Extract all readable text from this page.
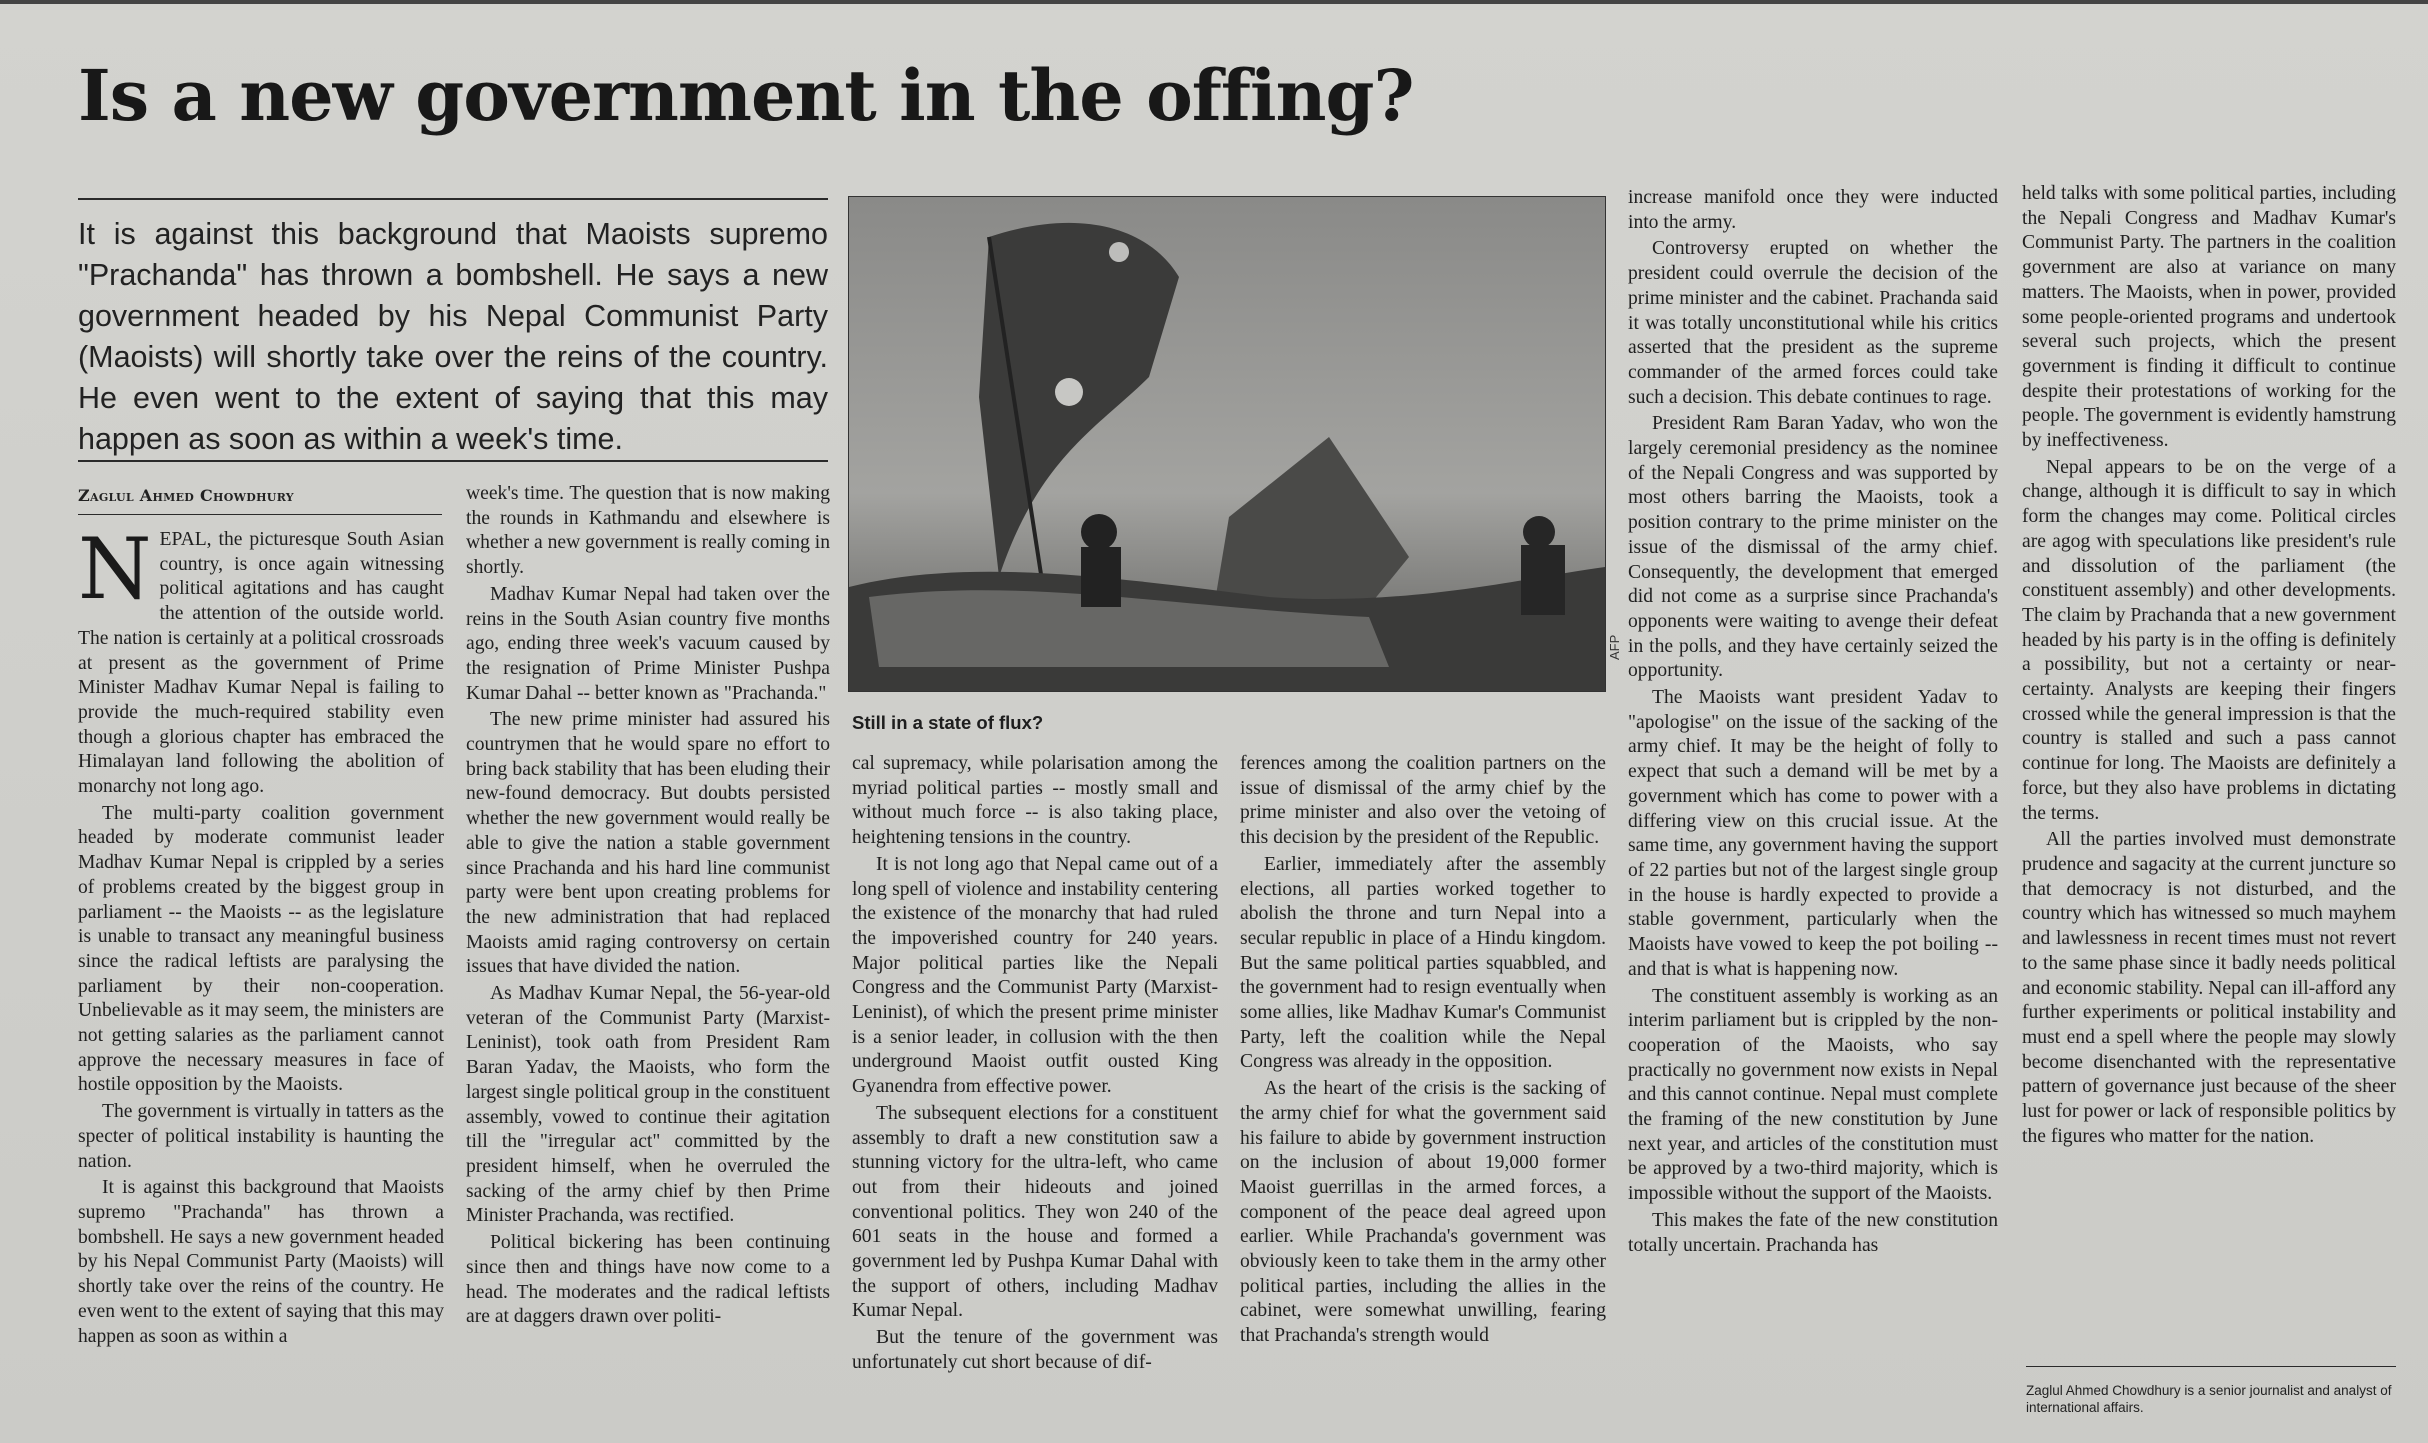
Is a new government in the offing?

It is against this background that Maoists supremo "Prachanda" has thrown a bombshell. He says a new government headed by his Nepal Communist Party (Maoists) will shortly take over the reins of the country. He even went to the extent of saying that this may happen as soon as within a week's time.

Zaglul Ahmed Chowdhury
N EPAL, the picturesque South Asian country, is once again witnessing political agitations and has caught the attention of the outside world. The nation is certainly at a political crossroads at present as the government of Prime Minister Madhav Kumar Nepal is failing to provide the much-required stability even though a glorious chapter has embraced the Himalayan land following the abolition of monarchy not long ago.

The multi-party coalition government headed by moderate communist leader Madhav Kumar Nepal is crippled by a series of problems created by the biggest group in parliament -- the Maoists -- as the legislature is unable to transact any meaningful business since the radical leftists are paralysing the parliament by their non-cooperation. Unbelievable as it may seem, the ministers are not getting salaries as the parliament cannot approve the necessary measures in face of hostile opposition by the Maoists.

The government is virtually in tatters as the specter of political instability is haunting the nation.

It is against this background that Maoists supremo "Prachanda" has thrown a bombshell. He says a new government headed by his Nepal Communist Party (Maoists) will shortly take over the reins of the country. He even went to the extent of saying that this may happen as soon as within a

week's time. The question that is now making the rounds in Kathmandu and elsewhere is whether a new government is really coming in shortly.

Madhav Kumar Nepal had taken over the reins in the South Asian country five months ago, ending three week's vacuum caused by the resignation of Prime Minister Pushpa Kumar Dahal -- better known as "Prachanda."

The new prime minister had assured his countrymen that he would spare no effort to bring back stability that has been eluding their new-found democracy. But doubts persisted whether the new government would really be able to give the nation a stable government since Prachanda and his hard line communist party were bent upon creating problems for the new administration that had replaced Maoists amid raging controversy on certain issues that have divided the nation.

As Madhav Kumar Nepal, the 56-year-old veteran of the Communist Party (Marxist-Leninist), took oath from President Ram Baran Yadav, the Maoists, who form the largest single political group in the constituent assembly, vowed to continue their agitation till the "irregular act" committed by the president himself, when he overruled the sacking of the army chief by then Prime Minister Prachanda, was rectified.

Political bickering has been continuing since then and things have now come to a head. The moderates and the radical leftists are at daggers drawn over politi-

AFP
Still in a state of flux?

cal supremacy, while polarisation among the myriad political parties -- mostly small and without much force -- is also taking place, heightening tensions in the country.

It is not long ago that Nepal came out of a long spell of violence and instability centering the existence of the monarchy that had ruled the impoverished country for 240 years. Major political parties like the Nepali Congress and the Communist Party (Marxist-Leninist), of which the present prime minister is a senior leader, in collusion with the then underground Maoist outfit ousted King Gyanendra from effective power.

The subsequent elections for a constituent assembly to draft a new constitution saw a stunning victory for the ultra-left, who came out from their hideouts and joined conventional politics. They won 240 of the 601 seats in the house and formed a government led by Pushpa Kumar Dahal with the support of others, including Madhav Kumar Nepal.

But the tenure of the government was unfortunately cut short because of dif-

ferences among the coalition partners on the issue of dismissal of the army chief by the prime minister and also over the vetoing of this decision by the president of the Republic.

Earlier, immediately after the assembly elections, all parties worked together to abolish the throne and turn Nepal into a secular republic in place of a Hindu kingdom. But the same political parties squabbled, and the government had to resign eventually when some allies, like Madhav Kumar's Communist Party, left the coalition while the Nepal Congress was already in the opposition.

As the heart of the crisis is the sacking of the army chief for what the government said his failure to abide by government instruction on the inclusion of about 19,000 former Maoist guerrillas in the armed forces, a component of the peace deal agreed upon earlier. While Prachanda's government was obviously keen to take them in the army other political parties, including the allies in the cabinet, were somewhat unwilling, fearing that Prachanda's strength would

increase manifold once they were inducted into the army.

Controversy erupted on whether the president could overrule the decision of the prime minister and the cabinet. Prachanda said it was totally unconstitutional while his critics asserted that the president as the supreme commander of the armed forces could take such a decision. This debate continues to rage.

President Ram Baran Yadav, who won the largely ceremonial presidency as the nominee of the Nepali Congress and was supported by most others barring the Maoists, took a position contrary to the prime minister on the issue of the dismissal of the army chief. Consequently, the development that emerged did not come as a surprise since Prachanda's opponents were waiting to avenge their defeat in the polls, and they have certainly seized the opportunity.

The Maoists want president Yadav to "apologise" on the issue of the sacking of the army chief. It may be the height of folly to expect that such a demand will be met by a government which has come to power with a differing view on this crucial issue. At the same time, any government having the support of 22 parties but not of the largest single group in the house is hardly expected to provide a stable government, particularly when the Maoists have vowed to keep the pot boiling -- and that is what is happening now.

The constituent assembly is working as an interim parliament but is crippled by the non-cooperation of the Maoists, who say practically no government now exists in Nepal and this cannot continue. Nepal must complete the framing of the new constitution by June next year, and articles of the constitution must be approved by a two-third majority, which is impossible without the support of the Maoists.

This makes the fate of the new constitution totally uncertain. Prachanda has

held talks with some political parties, including the Nepali Congress and Madhav Kumar's Communist Party. The partners in the coalition government are also at variance on many matters. The Maoists, when in power, provided some people-oriented programs and undertook several such projects, which the present government is finding it difficult to continue despite their protestations of working for the people. The government is evidently hamstrung by ineffectiveness.

Nepal appears to be on the verge of a change, although it is difficult to say in which form the changes may come. Political circles are agog with speculations like president's rule and dissolution of the parliament (the constituent assembly) and other developments. The claim by Prachanda that a new government headed by his party is in the offing is definitely a possibility, but not a certainty or near-certainty. Analysts are keeping their fingers crossed while the general impression is that the country is stalled and such a pass cannot continue for long. The Maoists are definitely a force, but they also have problems in dictating the terms.

All the parties involved must demonstrate prudence and sagacity at the current juncture so that democracy is not disturbed, and the country which has witnessed so much mayhem and lawlessness in recent times must not revert to the same phase since it badly needs political and economic stability. Nepal can ill-afford any further experiments or political instability and must end a spell where the people may slowly become disenchanted with the representative pattern of governance just because of the sheer lust for power or lack of responsible politics by the figures who matter for the nation.

Zaglul Ahmed Chowdhury is a senior journalist and analyst of international affairs.
